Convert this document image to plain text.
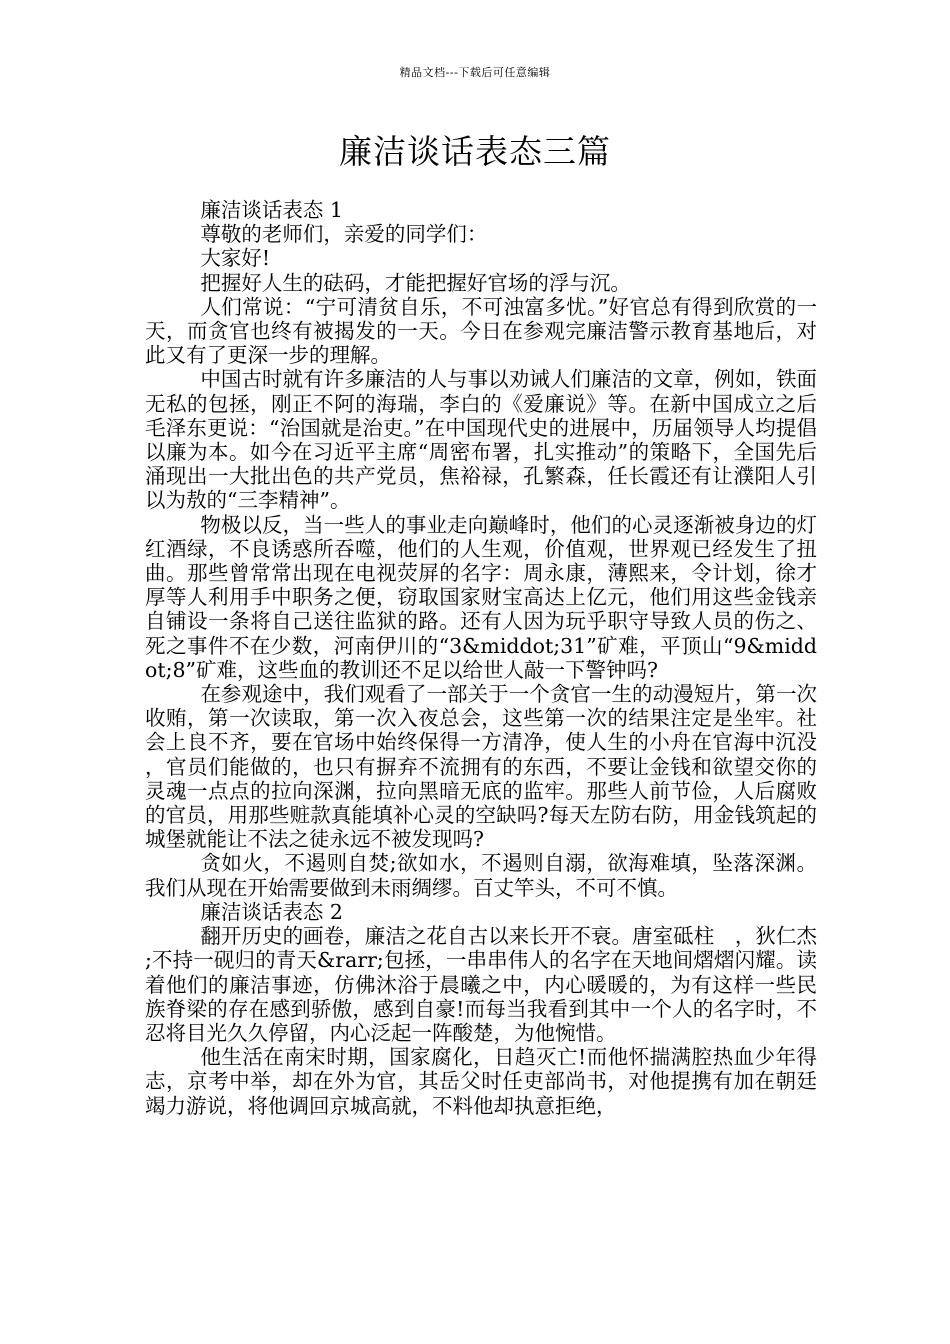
精品文档---下载后可任意编辑
廉洁谈话表态三篇

廉洁谈话表态 1

尊敬的老师们，亲爱的同学们：

大家好!

把握好人生的砝码，才能把握好官场的浮与沉。

人们常说：“宁可清贫自乐，不可浊富多忧。”好官总有得到欣赏的一天，而贪官也终有被揭发的一天。今日在参观完廉洁警示教育基地后，对此又有了更深一步的理解。

中国古时就有许多廉洁的人与事以劝诫人们廉洁的文章，例如，铁面无私的包拯，刚正不阿的海瑞，李白的《爱廉说》等。在新中国成立之后毛泽东更说：“治国就是治吏。”在中国现代史的进展中，历届领导人均提倡以廉为本。如今在习近平主席“周密布署，扎实推动”的策略下，全国先后涌现出一大批出色的共产党员，焦裕禄，孔繁森，任长霞还有让濮阳人引以为敖的“三李精神”。

物极以反，当一些人的事业走向巅峰时，他们的心灵逐渐被身边的灯红酒绿，不良诱惑所吞噬，他们的人生观，价值观，世界观已经发生了扭曲。那些曾常常出现在电视荧屏的名字：周永康，薄熙来，令计划，徐才厚等人利用手中职务之便，窃取国家财宝高达上亿元，他们用这些金钱亲自铺设一条将自己送往监狱的路。还有人因为玩乎职守导致人员的伤之、死之事件不在少数，河南伊川的“3&middot;31”矿难，平顶山“9&middot;8”矿难，这些血的教训还不足以给世人敲一下警钟吗?

在参观途中，我们观看了一部关于一个贪官一生的动漫短片，第一次收贿，第一次读取，第一次入夜总会，这些第一次的结果注定是坐牢。社会上良不齐，要在官场中始终保得一方清净，使人生的小舟在官海中沉没，官员们能做的，也只有摒弃不流拥有的东西，不要让金钱和欲望交你的灵魂一点点的拉向深渊，拉向黑暗无底的监牢。那些人前节俭，人后腐败的官员，用那些赃款真能填补心灵的空缺吗?每天左防右防，用金钱筑起的城堡就能让不法之徒永远不被发现吗?

贪如火，不遏则自焚;欲如水，不遏则自溺，欲海难填，坠落深渊。我们从现在开始需要做到未雨绸缪。百丈竿头，不可不慎。

廉洁谈话表态 2

翻开历史的画卷，廉洁之花自古以来长开不衰。唐室砥柱　，狄仁杰;不持一砚归的青天&rarr;包拯，一串串伟人的名字在天地间熠熠闪耀。读着他们的廉洁事迹，仿佛沐浴于晨曦之中，内心暖暖的，为有这样一些民族脊梁的存在感到骄傲，感到自豪!而每当我看到其中一个人的名字时，不忍将目光久久停留，内心泛起一阵酸楚，为他惋惜。

他生活在南宋时期，国家腐化，日趋灭亡!而他怀揣满腔热血少年得志，京考中举，却在外为官，其岳父时任吏部尚书，对他提携有加在朝廷竭力游说，将他调回京城高就，不料他却执意拒绝，
